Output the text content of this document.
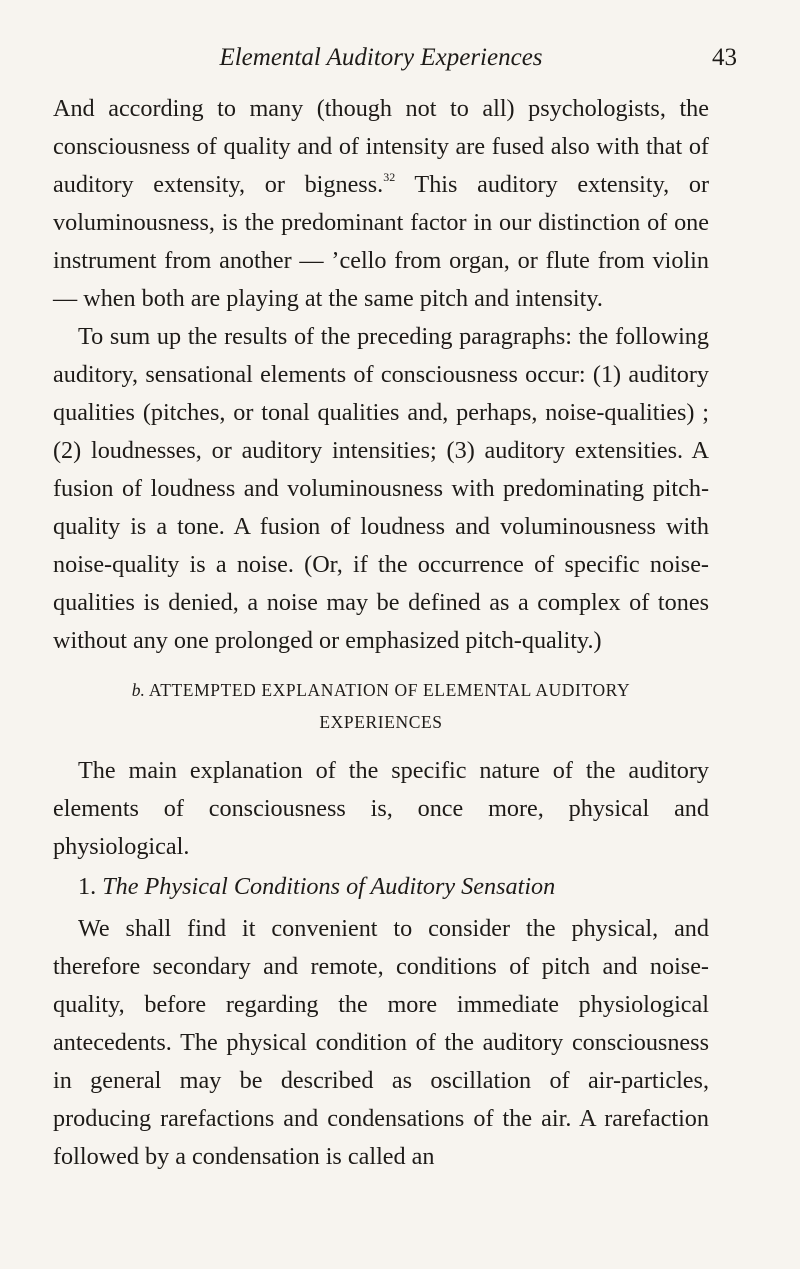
Elemental Auditory Experiences	43

And according to many (though not to all) psychologists, the consciousness of quality and of intensity are fused also with that of auditory extensity, or bigness.$^{32}$ This auditory extensity, or voluminousness, is the predominant factor in our distinction of one instrument from another — ’cello from organ, or flute from violin — when both are playing at the same pitch and intensity.

To sum up the results of the preceding paragraphs: the following auditory, sensational elements of consciousness occur: (1) auditory qualities (pitches, or tonal qualities and, perhaps, noise-qualities) ; (2) loudnesses, or auditory intensities; (3) auditory extensities. A fusion of loudness and voluminousness with predominating pitch-quality is a tone. A fusion of loudness and voluminousness with noise-quality is a noise. (Or, if the occurrence of specific noise-qualities is denied, a noise may be defined as a complex of tones without any one prolonged or emphasized pitch-quality.)

b. ATTEMPTED EXPLANATION OF ELEMENTAL AUDITORY
EXPERIENCES

The main explanation of the specific nature of the auditory elements of consciousness is, once more, physical and physiological.

1. The Physical Conditions of Auditory Sensation

We shall find it convenient to consider the physical, and therefore secondary and remote, conditions of pitch and noise-quality, before regarding the more immediate physiological antecedents. The physical condition of the auditory consciousness in general may be described as oscillation of air-particles, producing rarefactions and condensations of the air. A rarefaction followed by a condensation is called an
